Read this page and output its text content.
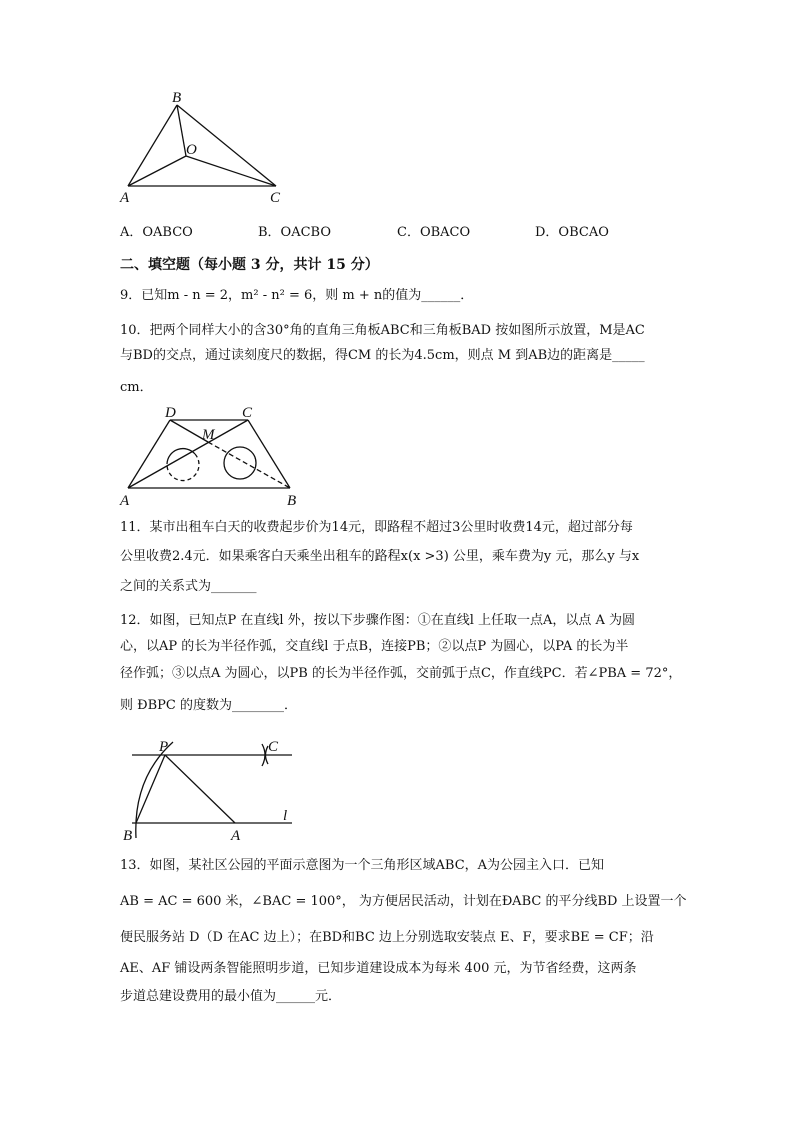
B
O
A	C
A．OABCO	B．OACBO	C．OBACO	D．OBCAO
二、填空题（每小题 3 分，共计 15 分）
9．已知m - n = 2，m² - n² = 6，则 m + n的值为______．
10．把两个同样大小的含30°角的直角三角板ABC和三角板BAD 按如图所示放置，M是AC
与BD的交点，通过读刻度尺的数据，得CM 的长为4.5cm，则点 M 到AB边的距离是_____
cm．
D	C
M
A	B
11．某市出租车白天的收费起步价为14元，即路程不超过3公里时收费14元，超过部分每
公里收费2.4元．如果乘客白天乘坐出租车的路程x(x >3) 公里，乘车费为y 元，那么y 与x
之间的关系式为_______
12．如图，已知点P 在直线l 外，按以下步骤作图：①在直线l 上任取一点A，以点 A 为圆
心，以AP 的长为半径作弧，交直线l 于点B，连接PB；②以点P 为圆心，以PA 的长为半
径作弧；③以点A 为圆心，以PB 的长为半径作弧，交前弧于点C，作直线PC．若∠PBA = 72°，
则 ÐBPC 的度数为________．
P	C
l
B	A
13．如图，某社区公园的平面示意图为一个三角形区域ABC，A为公园主入口．已知
AB = AC = 600 米，∠BAC = 100°， 为方便居民活动，计划在ÐABC 的平分线BD 上设置一个
便民服务站 D（D 在AC 边上）；在BD和BC 边上分别选取安装点 E、F，要求BE = CF；沿
AE、AF 铺设两条智能照明步道，已知步道建设成本为每米 400 元，为节省经费，这两条
步道总建设费用的最小值为______元．
